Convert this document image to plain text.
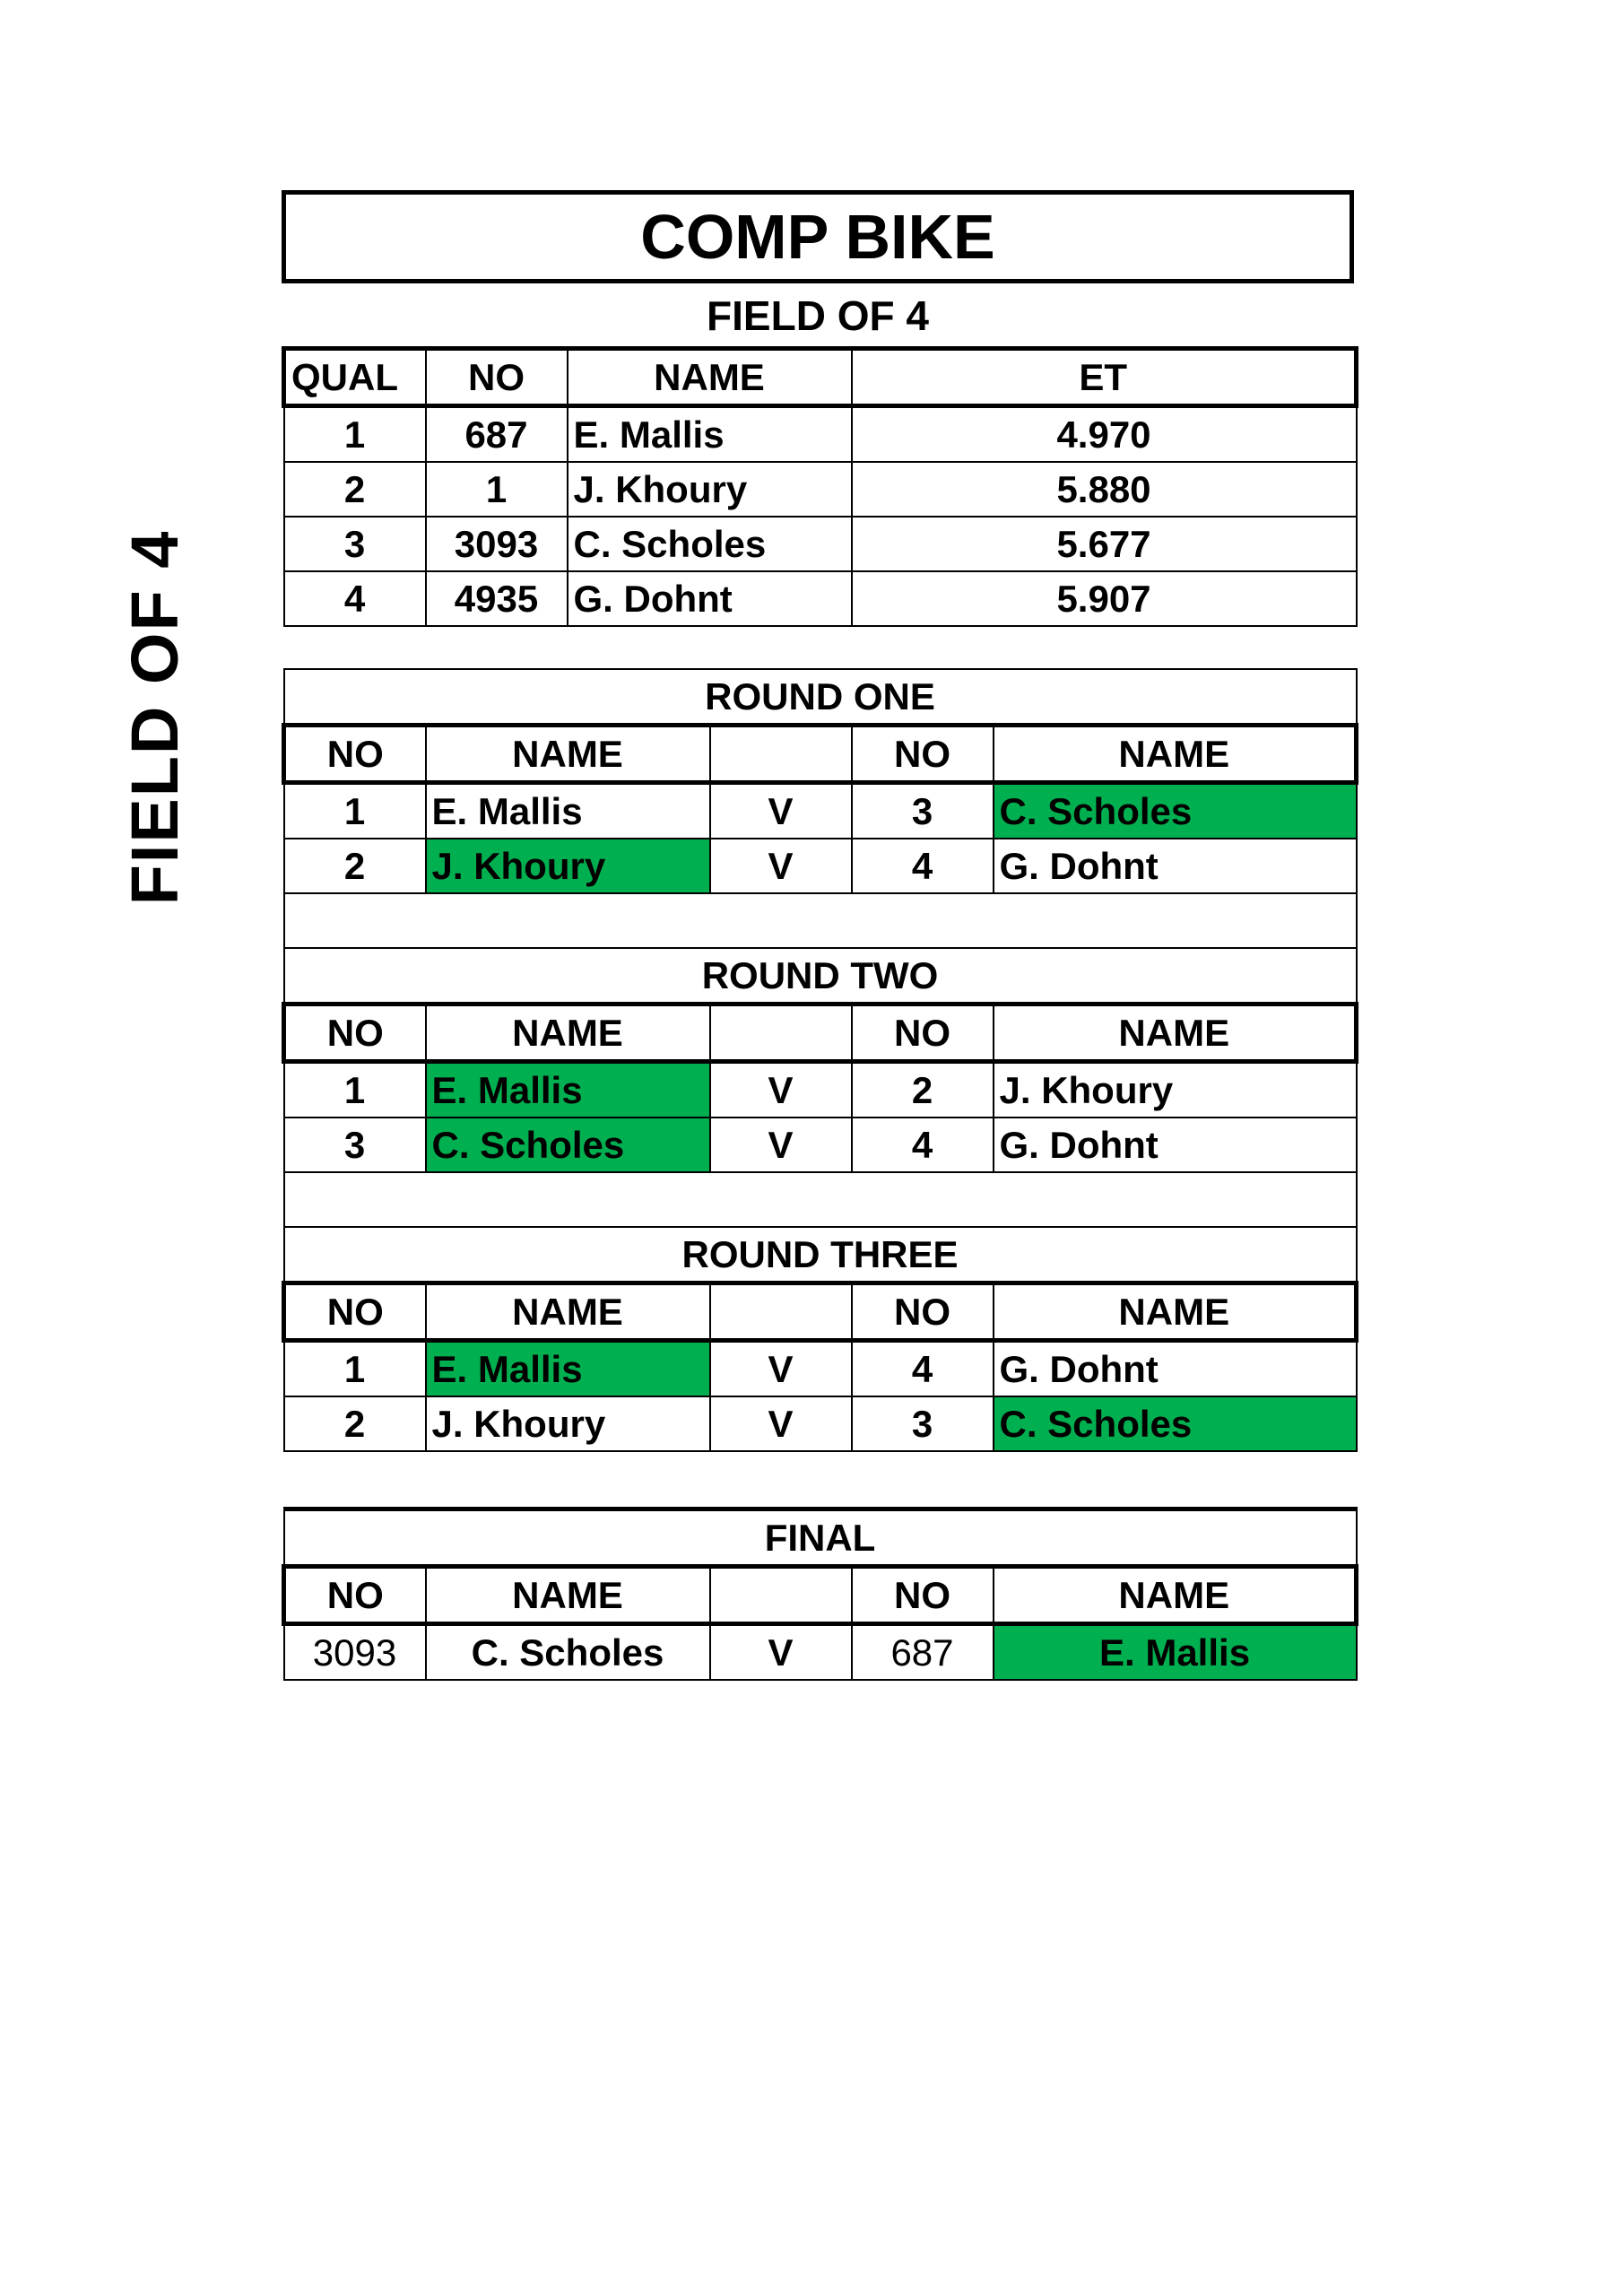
FIELD OF 4
COMP BIKE
FIELD OF 4
QUAL	NO	NAME	ET
1	687	E. Mallis	4.970
2	1	J. Khoury	5.880
3	3093	C. Scholes	5.677
4	4935	G. Dohnt	5.907
ROUND ONE				
NO	NAME		NO	NAME
1	E. Mallis	V	3	C. Scholes
2	J. Khoury	V	4	G. Dohnt

ROUND TWO				
NO	NAME		NO	NAME
1	E. Mallis	V	2	J. Khoury
3	C. Scholes	V	4	G. Dohnt

ROUND THREE				
NO	NAME		NO	NAME
1	E. Mallis	V	4	G. Dohnt
2	J. Khoury	V	3	C. Scholes
FINAL				
NO	NAME		NO	NAME
3093	C. Scholes	V	687	E. Mallis
